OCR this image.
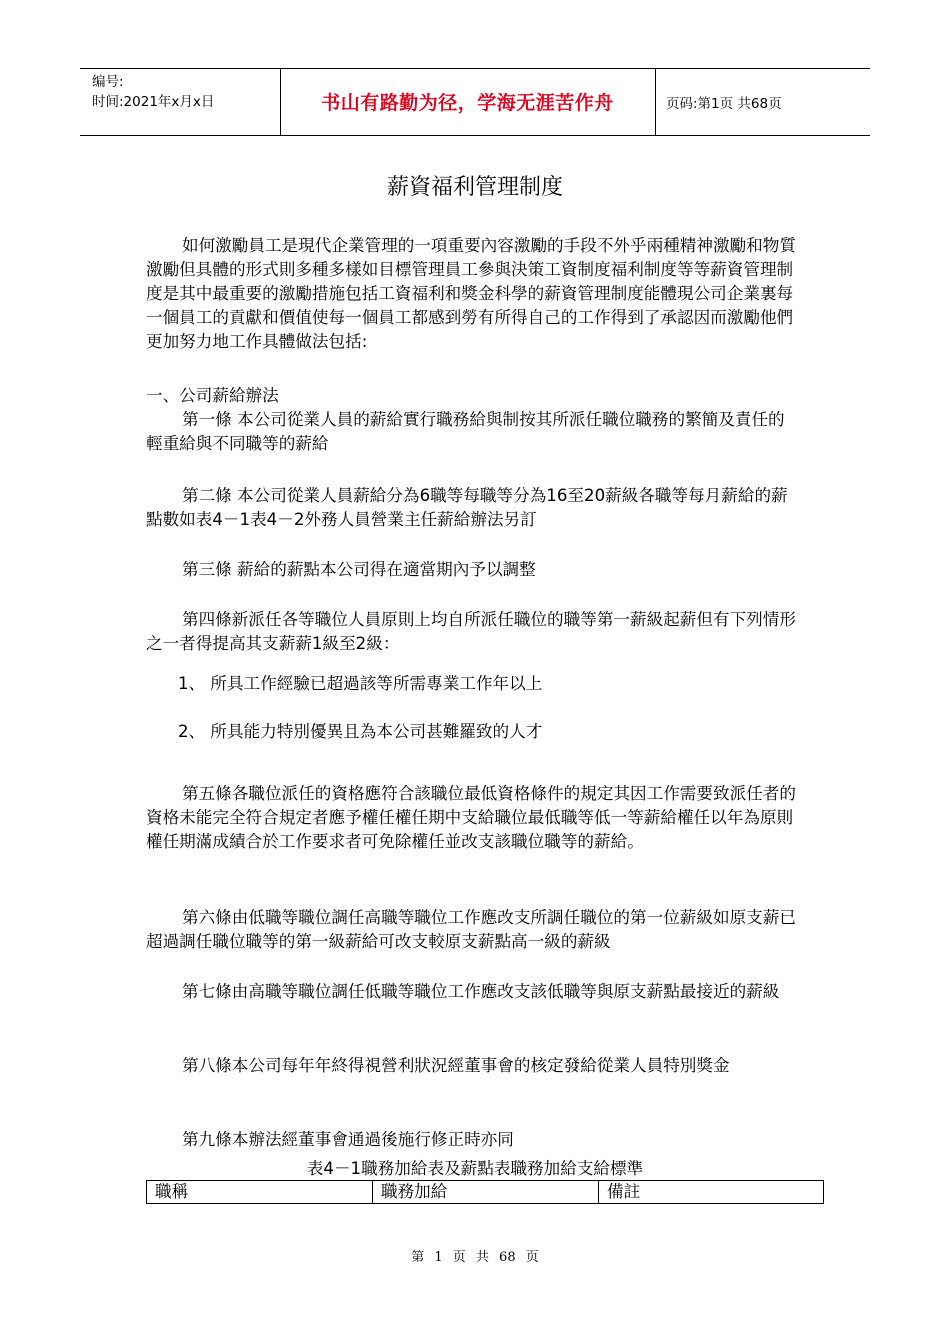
编号:
时间:2021年x月x日	书山有路勤为径，学海无涯苦作舟	页码:第1页 共68页
薪資福利管理制度
如何激勵員工是現代企業管理的一項重要內容激勵的手段不外乎兩種精神激勵和物質激勵但具體的形式則多種多樣如目標管理員工參與決策工資制度福利制度等等薪資管理制度是其中最重要的激勵措施包括工資福利和獎金科學的薪資管理制度能體現公司企業裏每一個員工的貢獻和價值使每一個員工都感到勞有所得自己的工作得到了承認因而激勵他們更加努力地工作具體做法包括:
一、公司薪給辦法
第一條 本公司從業人員的薪給實行職務給與制按其所派任職位職務的繁簡及責任的輕重給與不同職等的薪給
第二條 本公司從業人員薪給分為6職等每職等分為16至20薪級各職等每月薪給的薪點數如表4－1表4－2外務人員營業主任薪給辦法另訂
第三條 薪給的薪點本公司得在適當期內予以調整
第四條新派任各等職位人員原則上均自所派任職位的職等第一薪級起薪但有下列情形之一者得提高其支薪薪1級至2級：
1、 所具工作經驗已超過該等所需專業工作年以上
2、 所具能力特別優異且為本公司甚難羅致的人才
第五條各職位派任的資格應符合該職位最低資格條件的規定其因工作需要致派任者的資格未能完全符合規定者應予權任權任期中支給職位最低職等低一等薪給權任以年為原則權任期滿成績合於工作要求者可免除權任並改支該職位職等的薪給。
第六條由低職等職位調任高職等職位工作應改支所調任職位的第一位薪級如原支薪已超過調任職位職等的第一級薪給可改支較原支薪點高一級的薪級
第七條由高職等職位調任低職等職位工作應改支該低職等與原支薪點最接近的薪級
第八條本公司每年年終得視營利狀況經董事會的核定發給從業人員特別獎金
第九條本辦法經董事會通過後施行修正時亦同
表4－1職務加給表及薪點表職務加給支給標準
職稱	職務加給	備註
第 1 页 共 68 页
